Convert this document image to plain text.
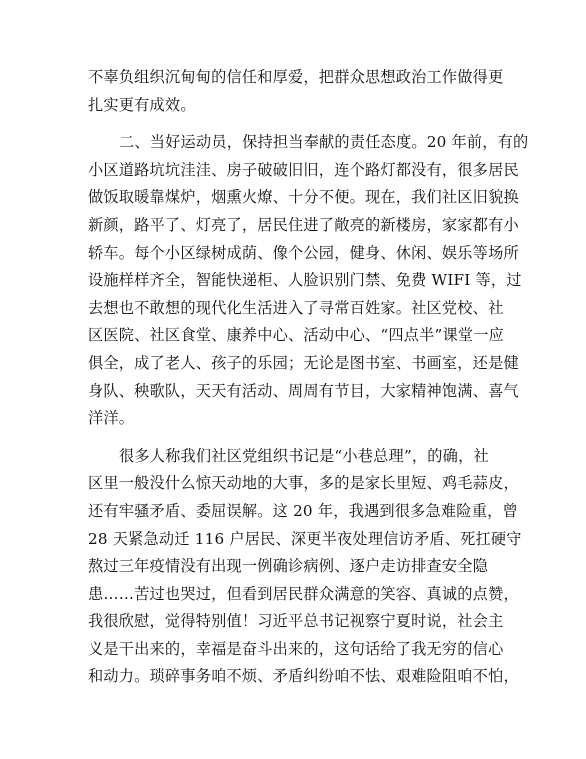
不辜负组织沉甸甸的信任和厚爱，把群众思想政治工作做得更
扎实更有成效。
二、当好运动员，保持担当奉献的责任态度。20 年前，有的
小区道路坑坑洼洼、房子破破旧旧，连个路灯都没有，很多居民
做饭取暖靠煤炉，烟熏火燎、十分不便。现在，我们社区旧貌换
新颜，路平了、灯亮了，居民住进了敞亮的新楼房，家家都有小
轿车。每个小区绿树成荫、像个公园，健身、休闲、娱乐等场所
设施样样齐全，智能快递柜、人脸识别门禁、免费 WIFI 等，过
去想也不敢想的现代化生活进入了寻常百姓家。社区党校、社
区医院、社区食堂、康养中心、活动中心、“四点半”课堂一应
俱全，成了老人、孩子的乐园；无论是图书室、书画室，还是健
身队、秧歌队，天天有活动、周周有节目，大家精神饱满、喜气
洋洋。
很多人称我们社区党组织书记是“小巷总理”，的确，社
区里一般没什么惊天动地的大事，多的是家长里短、鸡毛蒜皮，
还有牢骚矛盾、委屈误解。这 20 年，我遇到很多急难险重，曾
28 天紧急动迁 116 户居民、深更半夜处理信访矛盾、死扛硬守
熬过三年疫情没有出现一例确诊病例、逐户走访排查安全隐
患……苦过也哭过，但看到居民群众满意的笑容、真诚的点赞，
我很欣慰，觉得特别值！习近平总书记视察宁夏时说，社会主
义是干出来的，幸福是奋斗出来的，这句话给了我无穷的信心
和动力。琐碎事务咱不烦、矛盾纠纷咱不怯、艰难险阻咱不怕，
